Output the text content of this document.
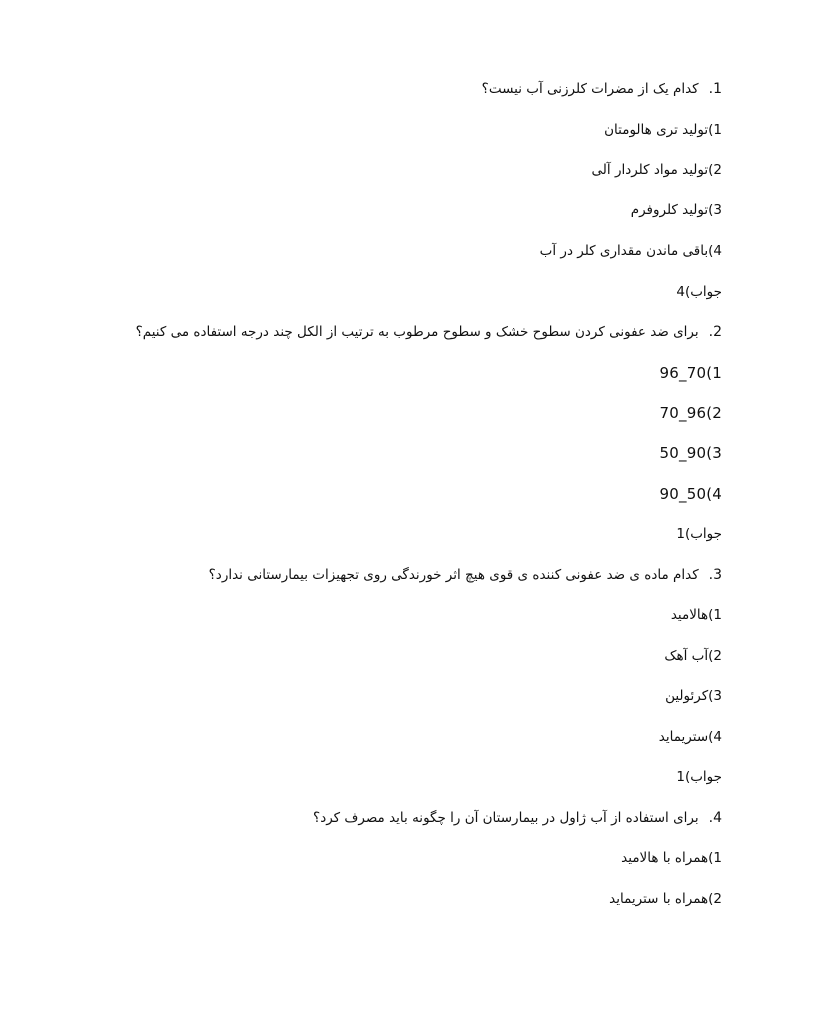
1.کدام یک از مضرات کلرزنی آب نیست؟
1)تولید تری هالومتان
2)تولید مواد کلردار آلی
3)تولید کلروفرم
4)باقی ماندن مقداری کلر در آب
جواب)4
2.برای ضد عفونی کردن سطوح خشک و سطوح مرطوب به ترتیب از الکل چند درجه استفاده می کنیم؟
96_70(1
70_96(2
50_90(3
90_50(4
جواب)1
3.کدام ماده ی ضد عفونی کننده ی قوی هیچ اثر خورندگی روی تجهیزات بیمارستانی ندارد؟
1)هالامید
2)آب آهک
3)کرئولین
4)ستریماید
جواب)1
4.برای استفاده از آب ژاول در بیمارستان آن را چگونه باید مصرف کرد؟
1)همراه با هالامید
2)همراه با ستریماید
